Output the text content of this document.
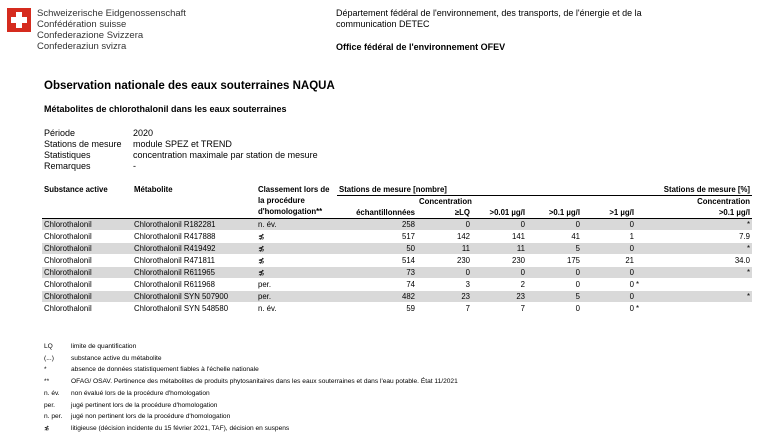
Schweizerische Eidgenossenschaft
Confédération suisse
Confederazione Svizzera
Confederaziun svizra
Département fédéral de l'environnement, des transports, de l'énergie et de la communication DETEC
Office fédéral de l'environnement OFEV
Observation nationale des eaux souterraines NAQUA
Métabolites de chlorothalonil dans les eaux souterraines
Période	2020
Stations de mesure	module SPEZ et TREND
Statistiques	concentration maximale par station de mesure
Remarques	-
Substance active	Métabolite	Classement lors de la procédure d'homologation**	Stations de mesure [nombre]					Stations de mesure [%]
				Concentration				Concentration
			échantillonnées	≥LQ	>0.01 µg/l	>0.1 µg/l	>1 µg/l	>0.1 µg/l
Chlorothalonil	Chlorothalonil R182281	n. év.	258	0	0	0	0	*
Chlorothalonil	Chlorothalonil R417888	≴	517	142	141	41	1	7.9
Chlorothalonil	Chlorothalonil R419492	≴	50	11	11	5	0	*
Chlorothalonil	Chlorothalonil R471811	≴	514	230	230	175	21	34.0
Chlorothalonil	Chlorothalonil R611965	≴	73	0	0	0	0	*
Chlorothalonil	Chlorothalonil R611968	per.	74	3	2	0	0 *	
Chlorothalonil	Chlorothalonil SYN 507900	per.	482	23	23	5	0	*
Chlorothalonil	Chlorothalonil SYN 548580	n. év.	59	7	7	0	0 *	
LQ	limite de quantification
(...)	substance active du métabolite
*	absence de données statistiquement fiables à l'échelle nationale
**	OFAG/ OSAV. Pertinence des métabolites de produits phytosanitaires dans les eaux souterraines et dans l'eau potable. État 11/2021
n. év.	non évalué lors de la procédure d'homologation
per.	jugé pertinent lors de la procédure d'homologation
n. per.	jugé non pertinent lors de la procédure d'homologation
≴	litigieuse (décision incidente du 15 février 2021, TAF), décision en suspens
